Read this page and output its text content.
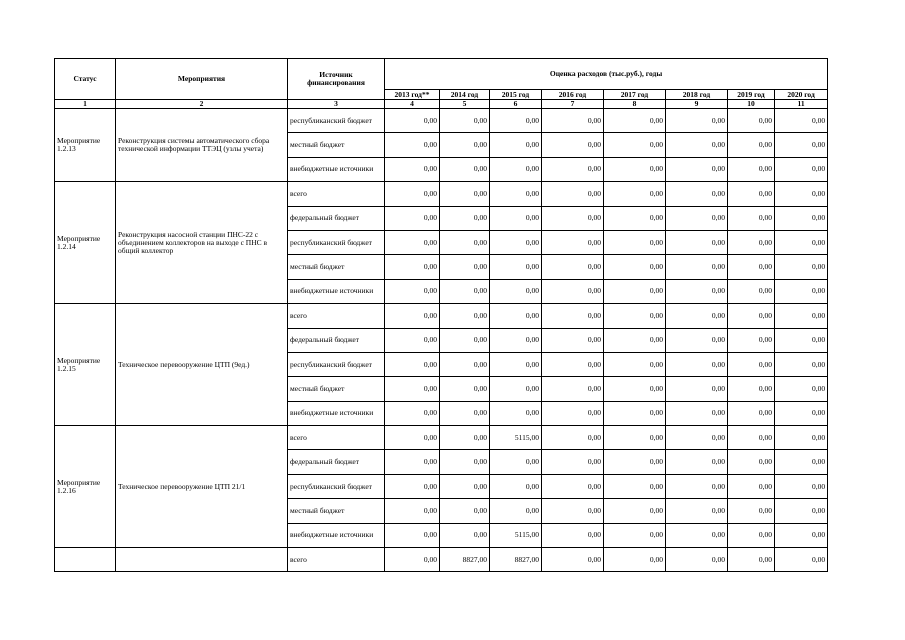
Статус	Мероприятия	Источник финансирования	Оценка расходов (тыс.руб.), годы							
			2013 год**	2014 год	2015 год	2016 год	2017 год	2018 год	2019 год	2020 год
1	2	3	4	5	6	7	8	9	10	11
Мероприятие 1.2.13	Реконструкция системы автоматического сбора технической информации ТТЭЦ (узлы учета)	республиканский бюджет	0,00	0,00	0,00	0,00	0,00	0,00	0,00	0,00
		местный бюджет	0,00	0,00	0,00	0,00	0,00	0,00	0,00	0,00
		внебюджетные источники	0,00	0,00	0,00	0,00	0,00	0,00	0,00	0,00
Мероприятие 1.2.14	Реконструкция насосной станции ПНС-22 с объединением коллекторов на выходе с ПНС в общий коллектор	всего	0,00	0,00	0,00	0,00	0,00	0,00	0,00	0,00
		федеральный бюджет	0,00	0,00	0,00	0,00	0,00	0,00	0,00	0,00
		республиканский бюджет	0,00	0,00	0,00	0,00	0,00	0,00	0,00	0,00
		местный бюджет	0,00	0,00	0,00	0,00	0,00	0,00	0,00	0,00
		внебюджетные источники	0,00	0,00	0,00	0,00	0,00	0,00	0,00	0,00
Мероприятие 1.2.15	Техническое перевооружение ЦТП (9ед.)	всего	0,00	0,00	0,00	0,00	0,00	0,00	0,00	0,00
		федеральный бюджет	0,00	0,00	0,00	0,00	0,00	0,00	0,00	0,00
		республиканский бюджет	0,00	0,00	0,00	0,00	0,00	0,00	0,00	0,00
		местный бюджет	0,00	0,00	0,00	0,00	0,00	0,00	0,00	0,00
		внебюджетные источники	0,00	0,00	0,00	0,00	0,00	0,00	0,00	0,00
Мероприятие 1.2.16	Техническое перевооружение ЦТП 21/1	всего	0,00	0,00	5115,00	0,00	0,00	0,00	0,00	0,00
		федеральный бюджет	0,00	0,00	0,00	0,00	0,00	0,00	0,00	0,00
		республиканский бюджет	0,00	0,00	0,00	0,00	0,00	0,00	0,00	0,00
		местный бюджет	0,00	0,00	0,00	0,00	0,00	0,00	0,00	0,00
		внебюджетные источники	0,00	0,00	5115,00	0,00	0,00	0,00	0,00	0,00
		всего	0,00	8827,00	8827,00	0,00	0,00	0,00	0,00	0,00
